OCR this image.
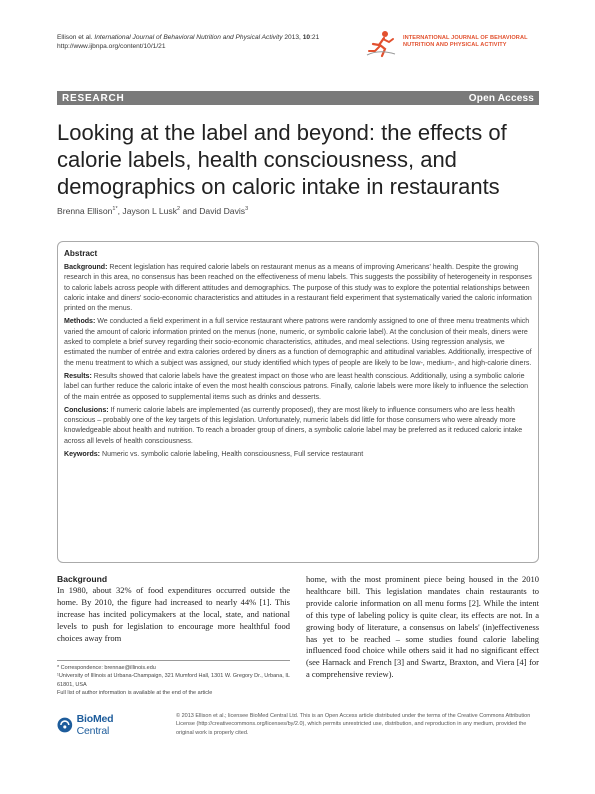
Ellison et al. International Journal of Behavioral Nutrition and Physical Activity 2013, 10:21
http://www.ijbnpa.org/content/10/1/21
INTERNATIONAL JOURNAL OF BEHAVIORAL
NUTRITION AND PHYSICAL ACTIVITY
RESEARCH	Open Access
Looking at the label and beyond: the effects of calorie labels, health consciousness, and demographics on caloric intake in restaurants
Brenna Ellison$^{1*}$, Jayson L Lusk$^2$ and David Davis$^3$
Abstract

Background: Recent legislation has required calorie labels on restaurant menus as a means of improving Americans' health. Despite the growing research in this area, no consensus has been reached on the effectiveness of menu labels. This suggests the possibility of heterogeneity in responses to caloric labels across people with different attitudes and demographics. The purpose of this study was to explore the potential relationships between caloric intake and diners' socio-economic characteristics and attitudes in a restaurant field experiment that systematically varied the caloric information printed on the menus.

Methods: We conducted a field experiment in a full service restaurant where patrons were randomly assigned to one of three menu treatments which varied the amount of caloric information printed on the menus (none, numeric, or symbolic calorie label). At the conclusion of their meals, diners were asked to complete a brief survey regarding their socio-economic characteristics, attitudes, and meal selections. Using regression analysis, we estimated the number of entrée and extra calories ordered by diners as a function of demographic and attitudinal variables. Additionally, irrespective of the menu treatment to which a subject was assigned, our study identified which types of people are likely to be low-, medium-, and high-calorie diners.

Results: Results showed that calorie labels have the greatest impact on those who are least health conscious. Additionally, using a symbolic calorie label can further reduce the caloric intake of even the most health conscious patrons. Finally, calorie labels were more likely to influence the selection of the main entrée as opposed to supplemental items such as drinks and desserts.

Conclusions: If numeric calorie labels are implemented (as currently proposed), they are most likely to influence consumers who are less health conscious – probably one of the key targets of this legislation. Unfortunately, numeric labels did little for those consumers who were already more knowledgeable about health and nutrition. To reach a broader group of diners, a symbolic calorie label may be preferred as it reduced caloric intake across all levels of health consciousness.

Keywords: Numeric vs. symbolic calorie labeling, Health consciousness, Full service restaurant

Background

In 1980, about 32% of food expenditures occurred outside the home. By 2010, the figure had increased to nearly 44% [1]. This increase has incited policymakers at the local, state, and national levels to push for legislation to encourage more healthful food choices away from

home, with the most prominent piece being housed in the 2010 healthcare bill. This legislation mandates chain restaurants to provide calorie information on all menu forms [2]. While the intent of this type of labeling policy is quite clear, its effects are not. In a growing body of literature, a consensus on labels' (in)effectiveness has yet to be reached – some studies found calorie labeling influenced food choice while others said it had no significant effect (see Harnack and French [3] and Swartz, Braxton, and Viera [4] for a comprehensive review).

* Correspondence: brennae@illinois.edu
¹University of Illinois at Urbana-Champaign, 321 Mumford Hall, 1301 W. Gregory Dr., Urbana, IL 61801, USA
Full list of author information is available at the end of the article
BioMed Central
© 2013 Ellison et al.; licensee BioMed Central Ltd. This is an Open Access article distributed under the terms of the Creative Commons Attribution License (http://creativecommons.org/licenses/by/2.0), which permits unrestricted use, distribution, and reproduction in any medium, provided the original work is properly cited.
